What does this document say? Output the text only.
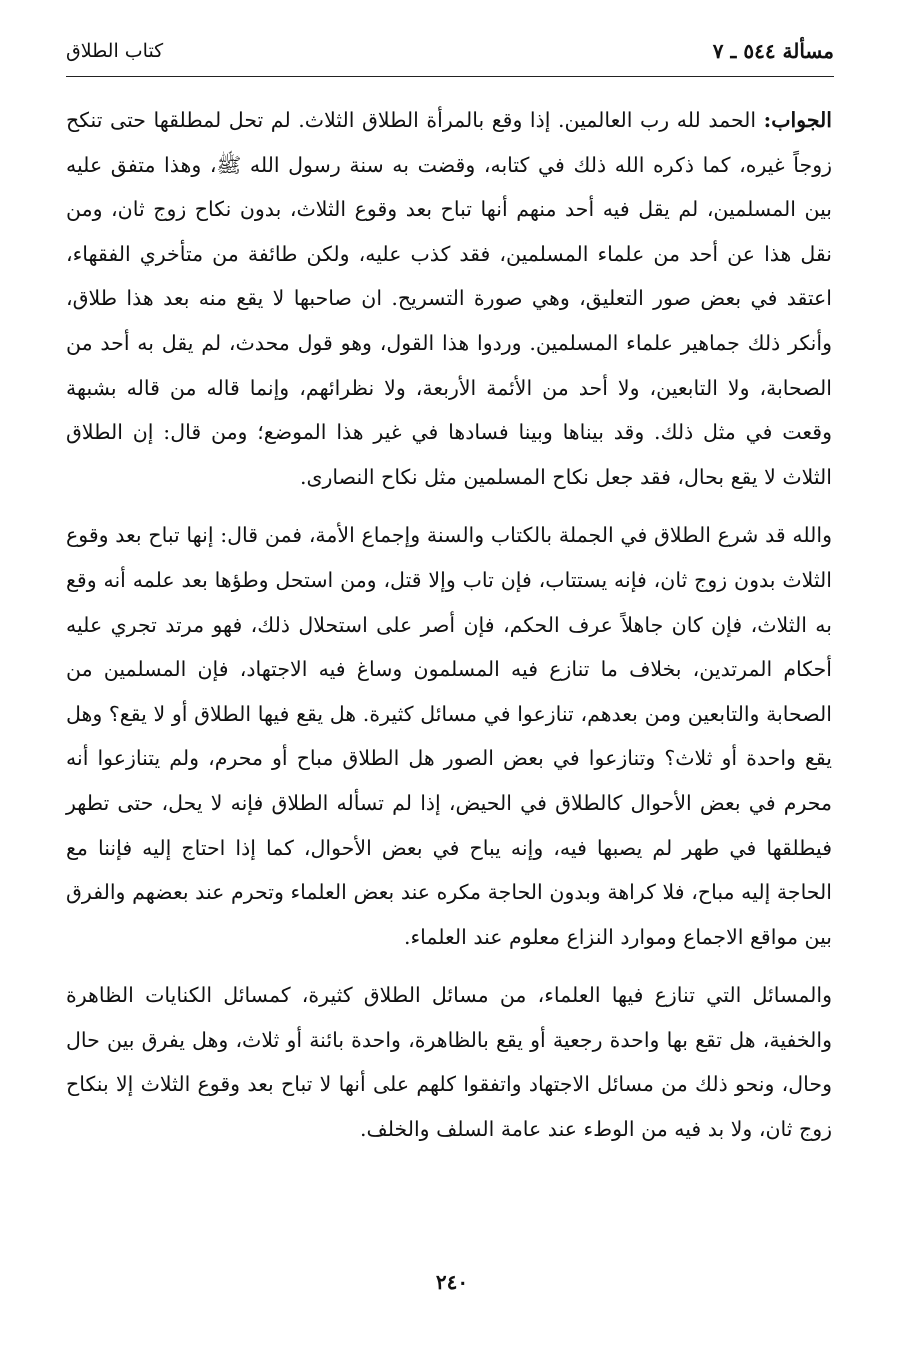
مسألة ٥٤٤ ـ ٧
كتاب الطلاق

الجواب: الحمد لله رب العالمين. إذا وقع بالمرأة الطلاق الثلاث. لم تحل لمطلقها حتى تنكح زوجاً غيره، كما ذكره الله ذلك في كتابه، وقضت به سنة رسول الله ﷺ، وهذا متفق عليه بين المسلمين، لم يقل فيه أحد منهم أنها تباح بعد وقوع الثلاث، بدون نكاح زوج ثان، ومن نقل هذا عن أحد من علماء المسلمين، فقد كذب عليه، ولكن طائفة من متأخري الفقهاء، اعتقد في بعض صور التعليق، وهي صورة التسريح. ان صاحبها لا يقع منه بعد هذا طلاق، وأنكر ذلك جماهير علماء المسلمين. وردوا هذا القول، وهو قول محدث، لم يقل به أحد من الصحابة، ولا التابعين، ولا أحد من الأئمة الأربعة، ولا نظرائهم، وإنما قاله من قاله بشبهة وقعت في مثل ذلك. وقد بيناها وبينا فسادها في غير هذا الموضع؛ ومن قال: إن الطلاق الثلاث لا يقع بحال، فقد جعل نكاح المسلمين مثل نكاح النصارى.

والله قد شرع الطلاق في الجملة بالكتاب والسنة وإجماع الأمة، فمن قال: إنها تباح بعد وقوع الثلاث بدون زوج ثان، فإنه يستتاب، فإن تاب وإلا قتل، ومن استحل وطؤها بعد علمه أنه وقع به الثلاث، فإن كان جاهلاً عرف الحكم، فإن أصر على استحلال ذلك، فهو مرتد تجري عليه أحكام المرتدين، بخلاف ما تنازع فيه المسلمون وساغ فيه الاجتهاد، فإن المسلمين من الصحابة والتابعين ومن بعدهم، تنازعوا في مسائل كثيرة. هل يقع فيها الطلاق أو لا يقع؟ وهل يقع واحدة أو ثلاث؟ وتنازعوا في بعض الصور هل الطلاق مباح أو محرم، ولم يتنازعوا أنه محرم في بعض الأحوال كالطلاق في الحيض، إذا لم تسأله الطلاق فإنه لا يحل، حتى تطهر فيطلقها في طهر لم يصبها فيه، وإنه يباح في بعض الأحوال، كما إذا احتاج إليه فإننا مع الحاجة إليه مباح، فلا كراهة وبدون الحاجة مكره عند بعض العلماء وتحرم عند بعضهم والفرق بين مواقع الاجماع وموارد النزاع معلوم عند العلماء.

والمسائل التي تنازع فيها العلماء، من مسائل الطلاق كثيرة، كمسائل الكنايات الظاهرة والخفية، هل تقع بها واحدة رجعية أو يقع بالظاهرة، واحدة بائنة أو ثلاث، وهل يفرق بين حال وحال، ونحو ذلك من مسائل الاجتهاد واتفقوا كلهم على أنها لا تباح بعد وقوع الثلاث إلا بنكاح زوج ثان، ولا بد فيه من الوطء عند عامة السلف والخلف.

٢٤٠
